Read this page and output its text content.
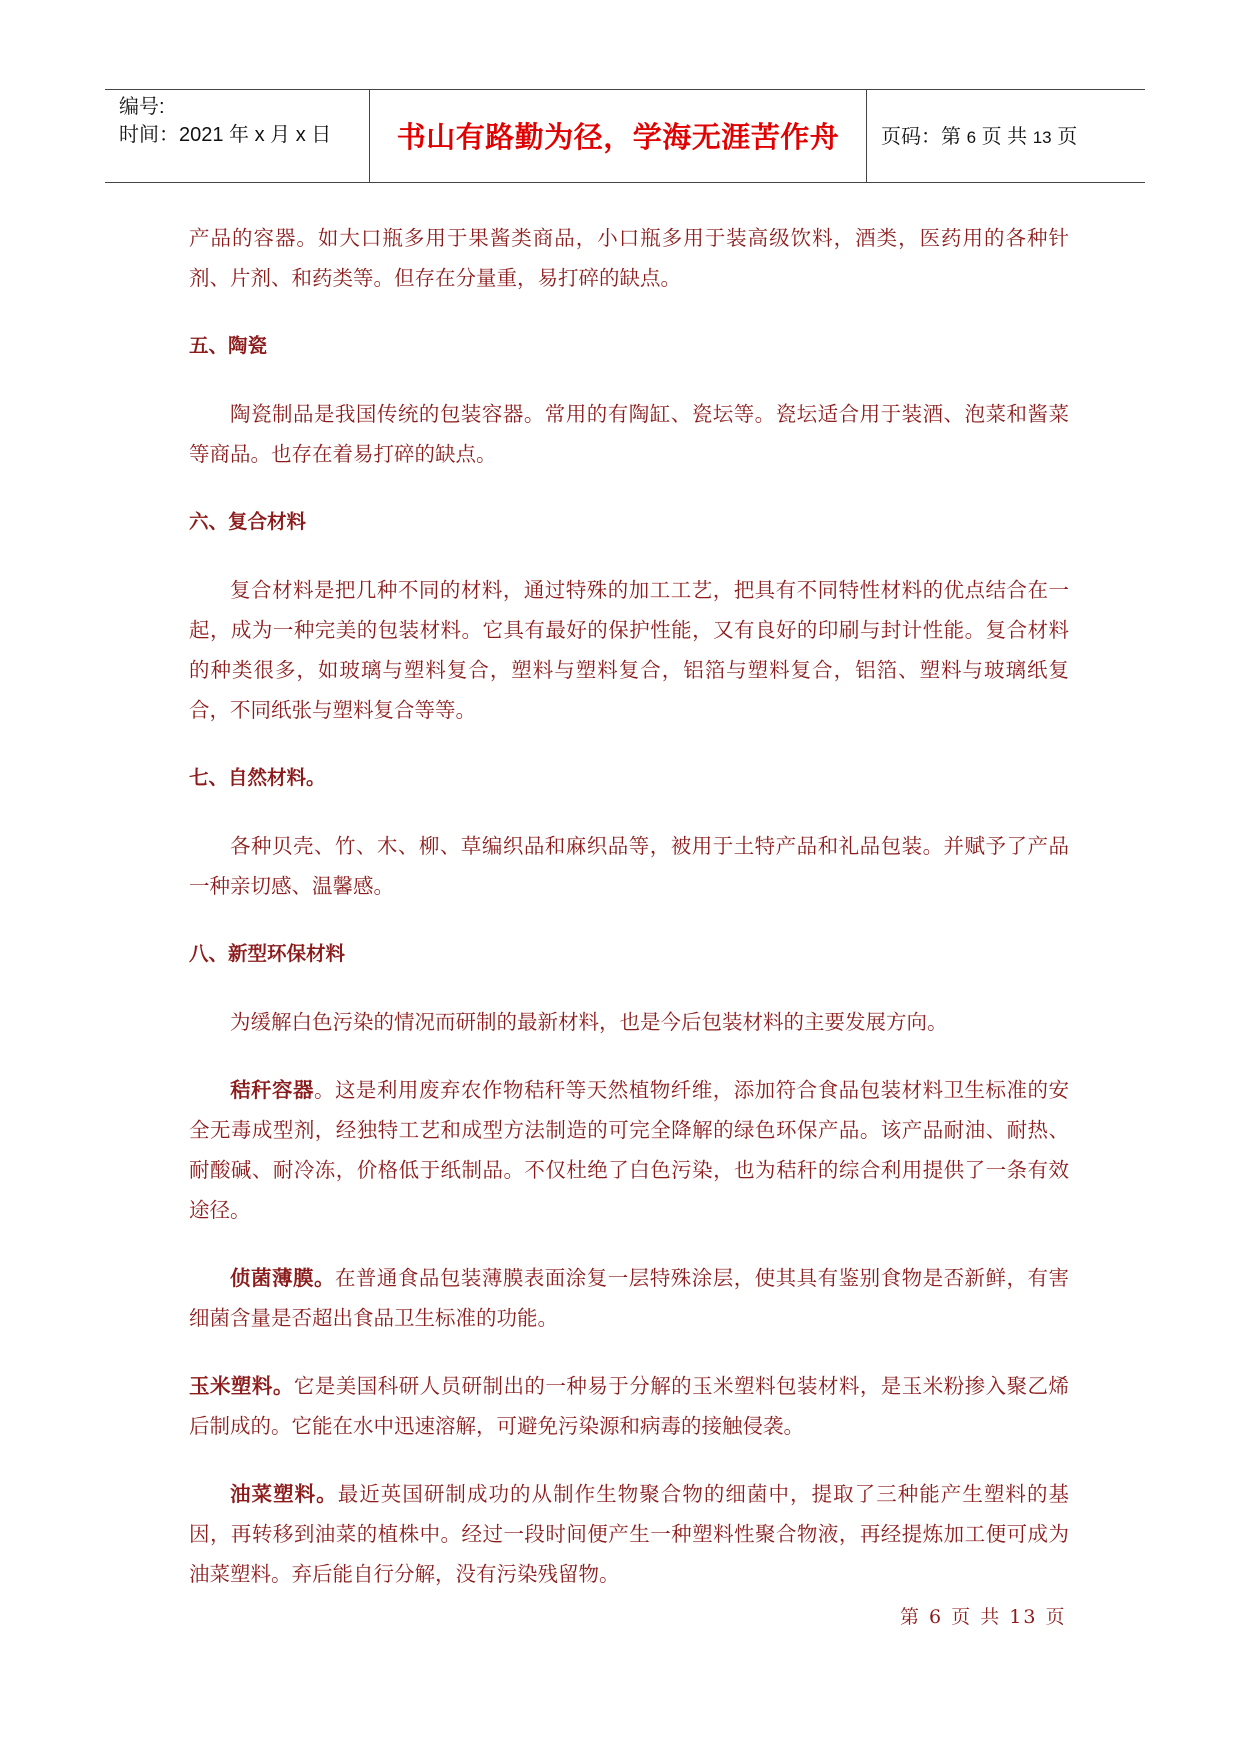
编号:
时间：2021 年 x 月 x 日	书山有路勤为径，学海无涯苦作舟	页码：第 6 页 共 13 页

产品的容器。如大口瓶多用于果酱类商品，小口瓶多用于装高级饮料，酒类，医药用的各种针剂、片剂、和药类等。但存在分量重，易打碎的缺点。

五、陶瓷

陶瓷制品是我国传统的包装容器。常用的有陶缸、瓷坛等。瓷坛适合用于装酒、泡菜和酱菜等商品。也存在着易打碎的缺点。

六、复合材料

复合材料是把几种不同的材料，通过特殊的加工工艺，把具有不同特性材料的优点结合在一起，成为一种完美的包装材料。它具有最好的保护性能，又有良好的印刷与封计性能。复合材料的种类很多，如玻璃与塑料复合，塑料与塑料复合，铝箔与塑料复合，铝箔、塑料与玻璃纸复合，不同纸张与塑料复合等等。

七、自然材料。

各种贝壳、竹、木、柳、草编织品和麻织品等，被用于土特产品和礼品包装。并赋予了产品一种亲切感、温馨感。

八、新型环保材料

为缓解白色污染的情况而研制的最新材料，也是今后包装材料的主要发展方向。

秸秆容器。这是利用废弃农作物秸秆等天然植物纤维，添加符合食品包装材料卫生标准的安全无毒成型剂，经独特工艺和成型方法制造的可完全降解的绿色环保产品。该产品耐油、耐热、耐酸碱、耐冷冻，价格低于纸制品。不仅杜绝了白色污染，也为秸秆的综合利用提供了一条有效途径。

侦菌薄膜。在普通食品包装薄膜表面涂复一层特殊涂层，使其具有鉴别食物是否新鲜，有害细菌含量是否超出食品卫生标准的功能。

玉米塑料。它是美国科研人员研制出的一种易于分解的玉米塑料包装材料，是玉米粉掺入聚乙烯后制成的。它能在水中迅速溶解，可避免污染源和病毒的接触侵袭。

油菜塑料。最近英国研制成功的从制作生物聚合物的细菌中，提取了三种能产生塑料的基因，再转移到油菜的植株中。经过一段时间便产生一种塑料性聚合物液，再经提炼加工便可成为油菜塑料。弃后能自行分解，没有污染残留物。

第 6 页 共 13 页
